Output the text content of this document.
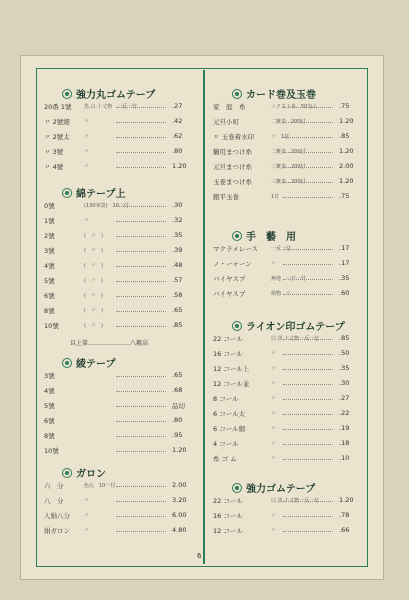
強力丸ゴムテープ
20番 1號	黒.白.十丈物　一反一付	.27
〃 2號細	〃	.42
〃 2號太	〃	.62
〃 3號	〃	.80
〃 4號	〃	1.20
綿テープ上
0號	(130米袋)　10一付	.30
1號	〃	.32
2號	(　〃　)	.35
3號	(　〃　)	.39
4號	(　〃　)	.48
5號	(　〃　)	.57
6號	(　〃　)	.58
8號	(　〃　)	.65
10號	(　〃　)	.85
綾テープ
3號	.65
4號	.68
5號	品切
6號	.80
8號	.95
10號	1.20
ガロン
六　分	色込　10一付	2.00
八　分	〃	3.20
人絹八分	〃	6.00
絹ガロン	〃	4.80
カード巻及玉巻
家　庭　糸	ニクスト糸　50匁入	.75
元旦小町	二鍍表　200付	1.20
〃 玉巻着水印	〃　1付	.85
鶴用まつけ糸	二鍍表　200付	1.20
元旦まつけ糸	三鍍表　200付	2.00
玉巻まつけ糸	三鍍表　200付	1.20
銀平玉巻	1付	.75
手　藝　用
マクラメレース	一反一付	.17
ノ・ーャーン	〃	.17
バイヤスプ	無地　一打一付	.35
バイヤスプ	柄物　〃	.60
ライオン印ゴムテープ
22 コール	白.黒 十丈物一反一付	.85
16 コール	〃	.50
12 コール上	〃	.35
12 コール並	〃	.30
8 コール	〃	.27
6 コール太	〃	.22
6 コール細	〃	.19
4 コール	〃	.18
糸 ゴ ム	〃	.10
強力ゴムテープ
22 コール	白.黒 十丈物一反一付	1.20
16 コール	〃	.78
12 コール	〃	.66
以上第…………………八鍍高
6
